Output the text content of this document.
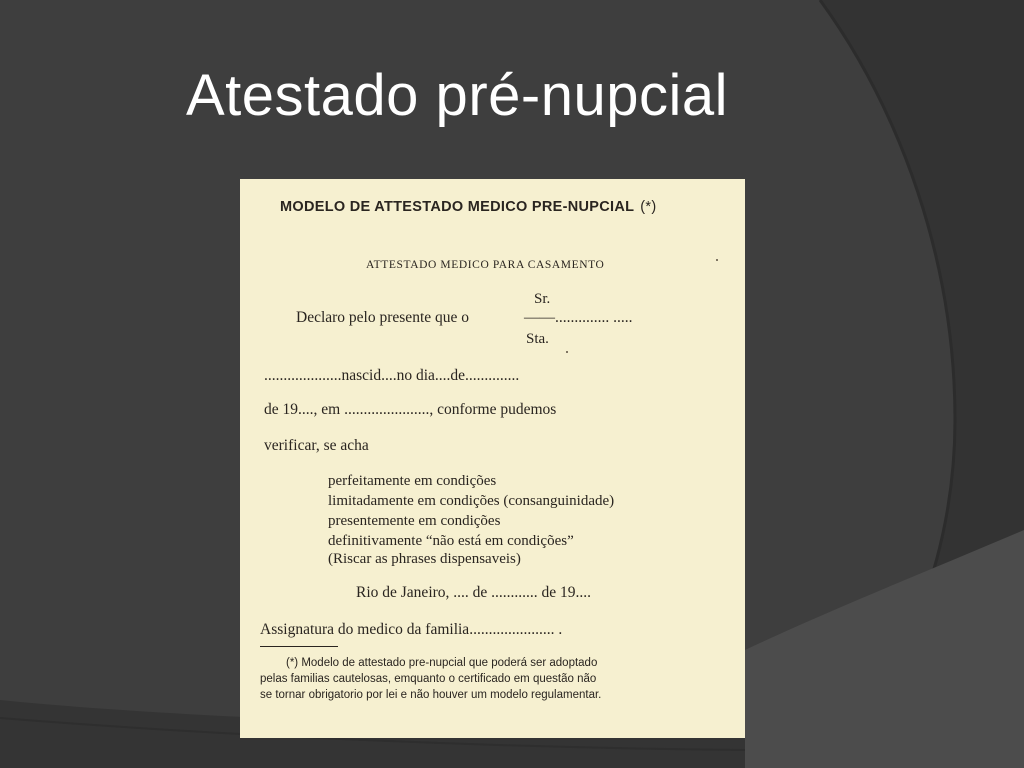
Atestado pré-nupcial
MODELO DE ATTESTADO MEDICO PRE-NUPCIAL (*)
ATTESTADO MEDICO PARA CASAMENTO
Sr.
Declaro pelo presente que o	——.............. .....
Sta.
....................nascid....no dia....de..............
de 19...., em ......................, conforme pudemos
verificar, se acha
perfeitamente em condições
limitadamente em condições (consanguinidade)
presentemente em condições
definitivamente “não está em condições”
(Riscar as phrases dispensaveis)
Rio de Janeiro, .... de ............ de 19....
Assignatura do medico da familia...................... .
(*) Modelo de attestado pre-nupcial que poderá ser adoptado
pelas familias cautelosas, emquanto o certificado em questão não
se tornar obrigatorio por lei e não houver um modelo regulamentar.
